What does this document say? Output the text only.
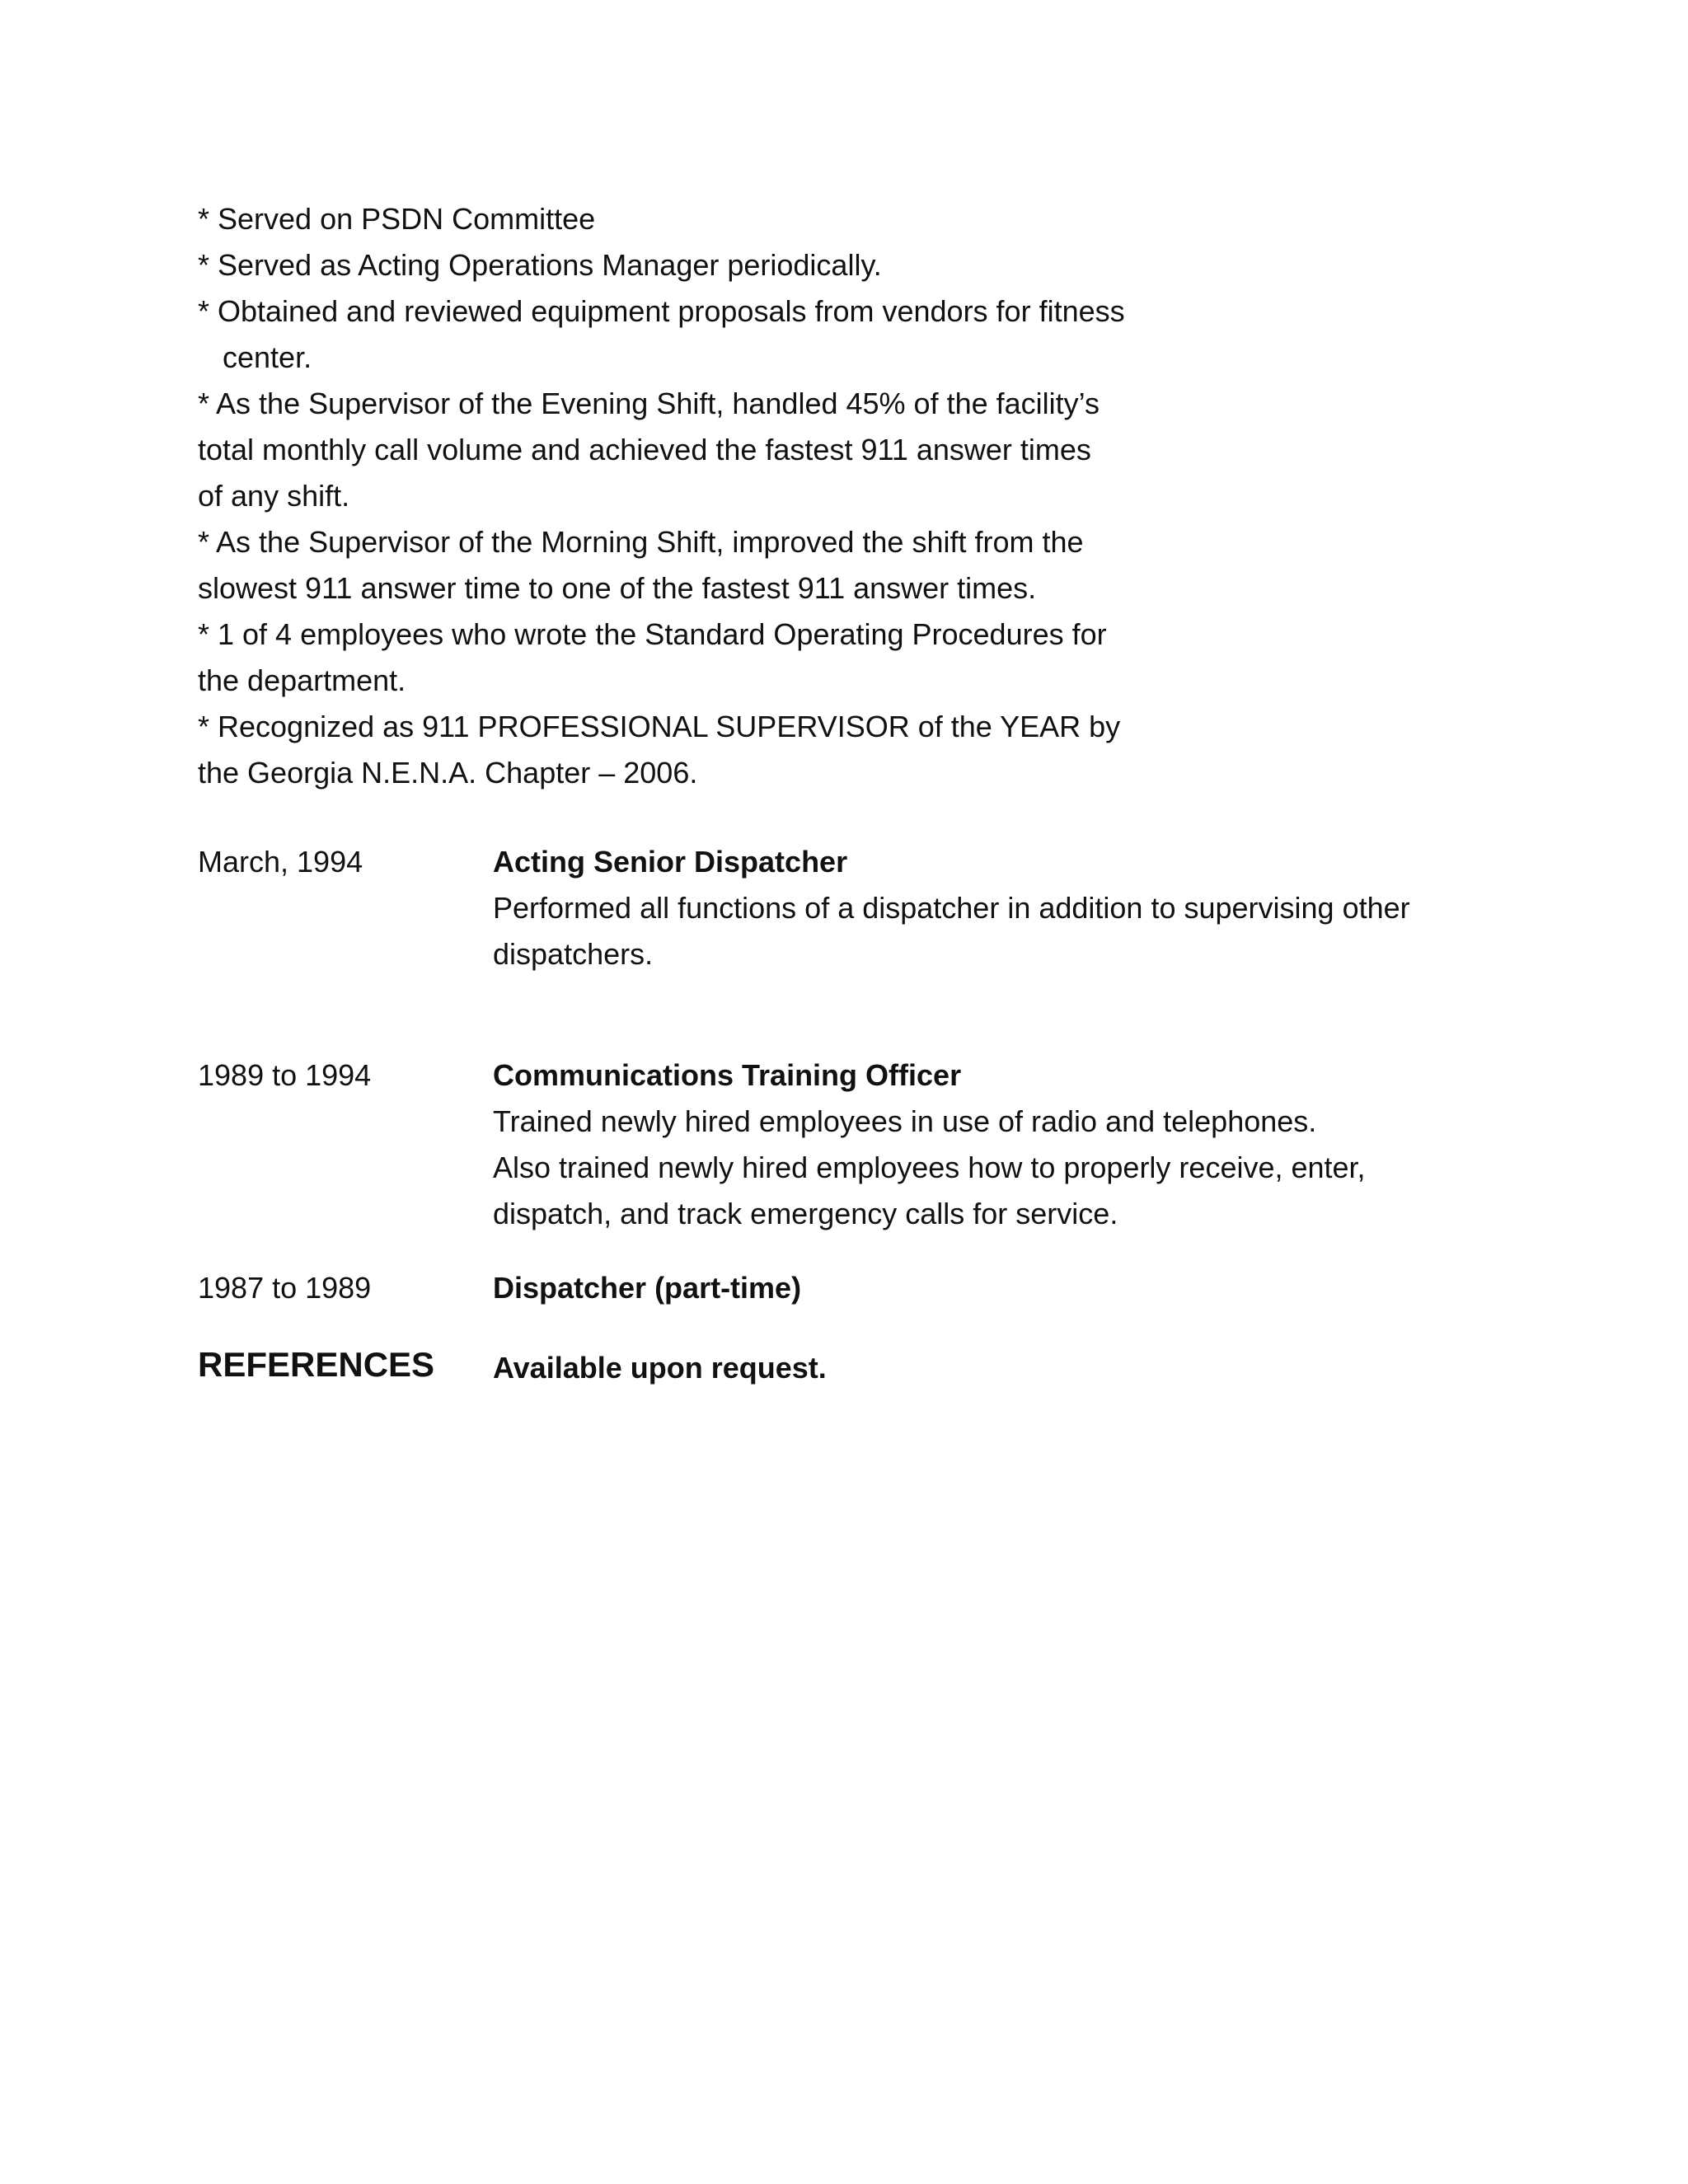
* Served on PSDN Committee

* Served as Acting Operations Manager periodically.

* Obtained and reviewed equipment proposals from vendors for fitness
center.

* As the Supervisor of the Evening Shift, handled 45% of the facility’s
total monthly call volume and achieved the fastest 911 answer times
of any shift.

* As the Supervisor of the Morning Shift, improved the shift from the
slowest 911 answer time to one of the fastest 911 answer times.

* 1 of 4 employees who wrote the Standard Operating Procedures for
the department.

* Recognized as 911 PROFESSIONAL SUPERVISOR of the YEAR by
the Georgia N.E.N.A. Chapter – 2006.

March, 1994	Acting Senior Dispatcher
Performed all functions of a dispatcher in addition to supervising other
dispatchers.
1989 to 1994	Communications Training Officer
Trained newly hired employees in use of radio and telephones.
Also trained newly hired employees how to properly receive, enter,
dispatch, and track emergency calls for service.
1987 to 1989	Dispatcher (part-time)
REFERENCES Available upon request.
